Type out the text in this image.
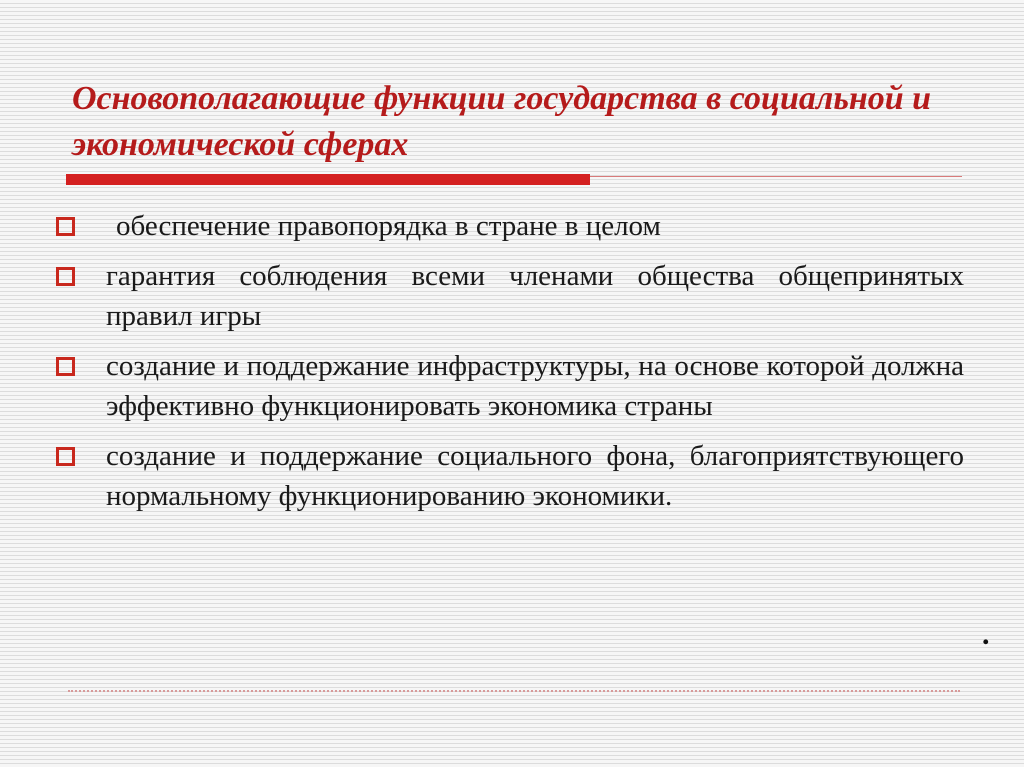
Основополагающие функции государства в социальной и экономической сферах
обеспечение правопорядка в стране в целом
гарантия соблюдения всеми членами общества общепринятых правил игры
создание и поддержание инфраструктуры, на основе которой должна эффективно функционировать экономика страны
создание и поддержание социального фона, благоприятствующего нормальному функционированию экономики.
.
